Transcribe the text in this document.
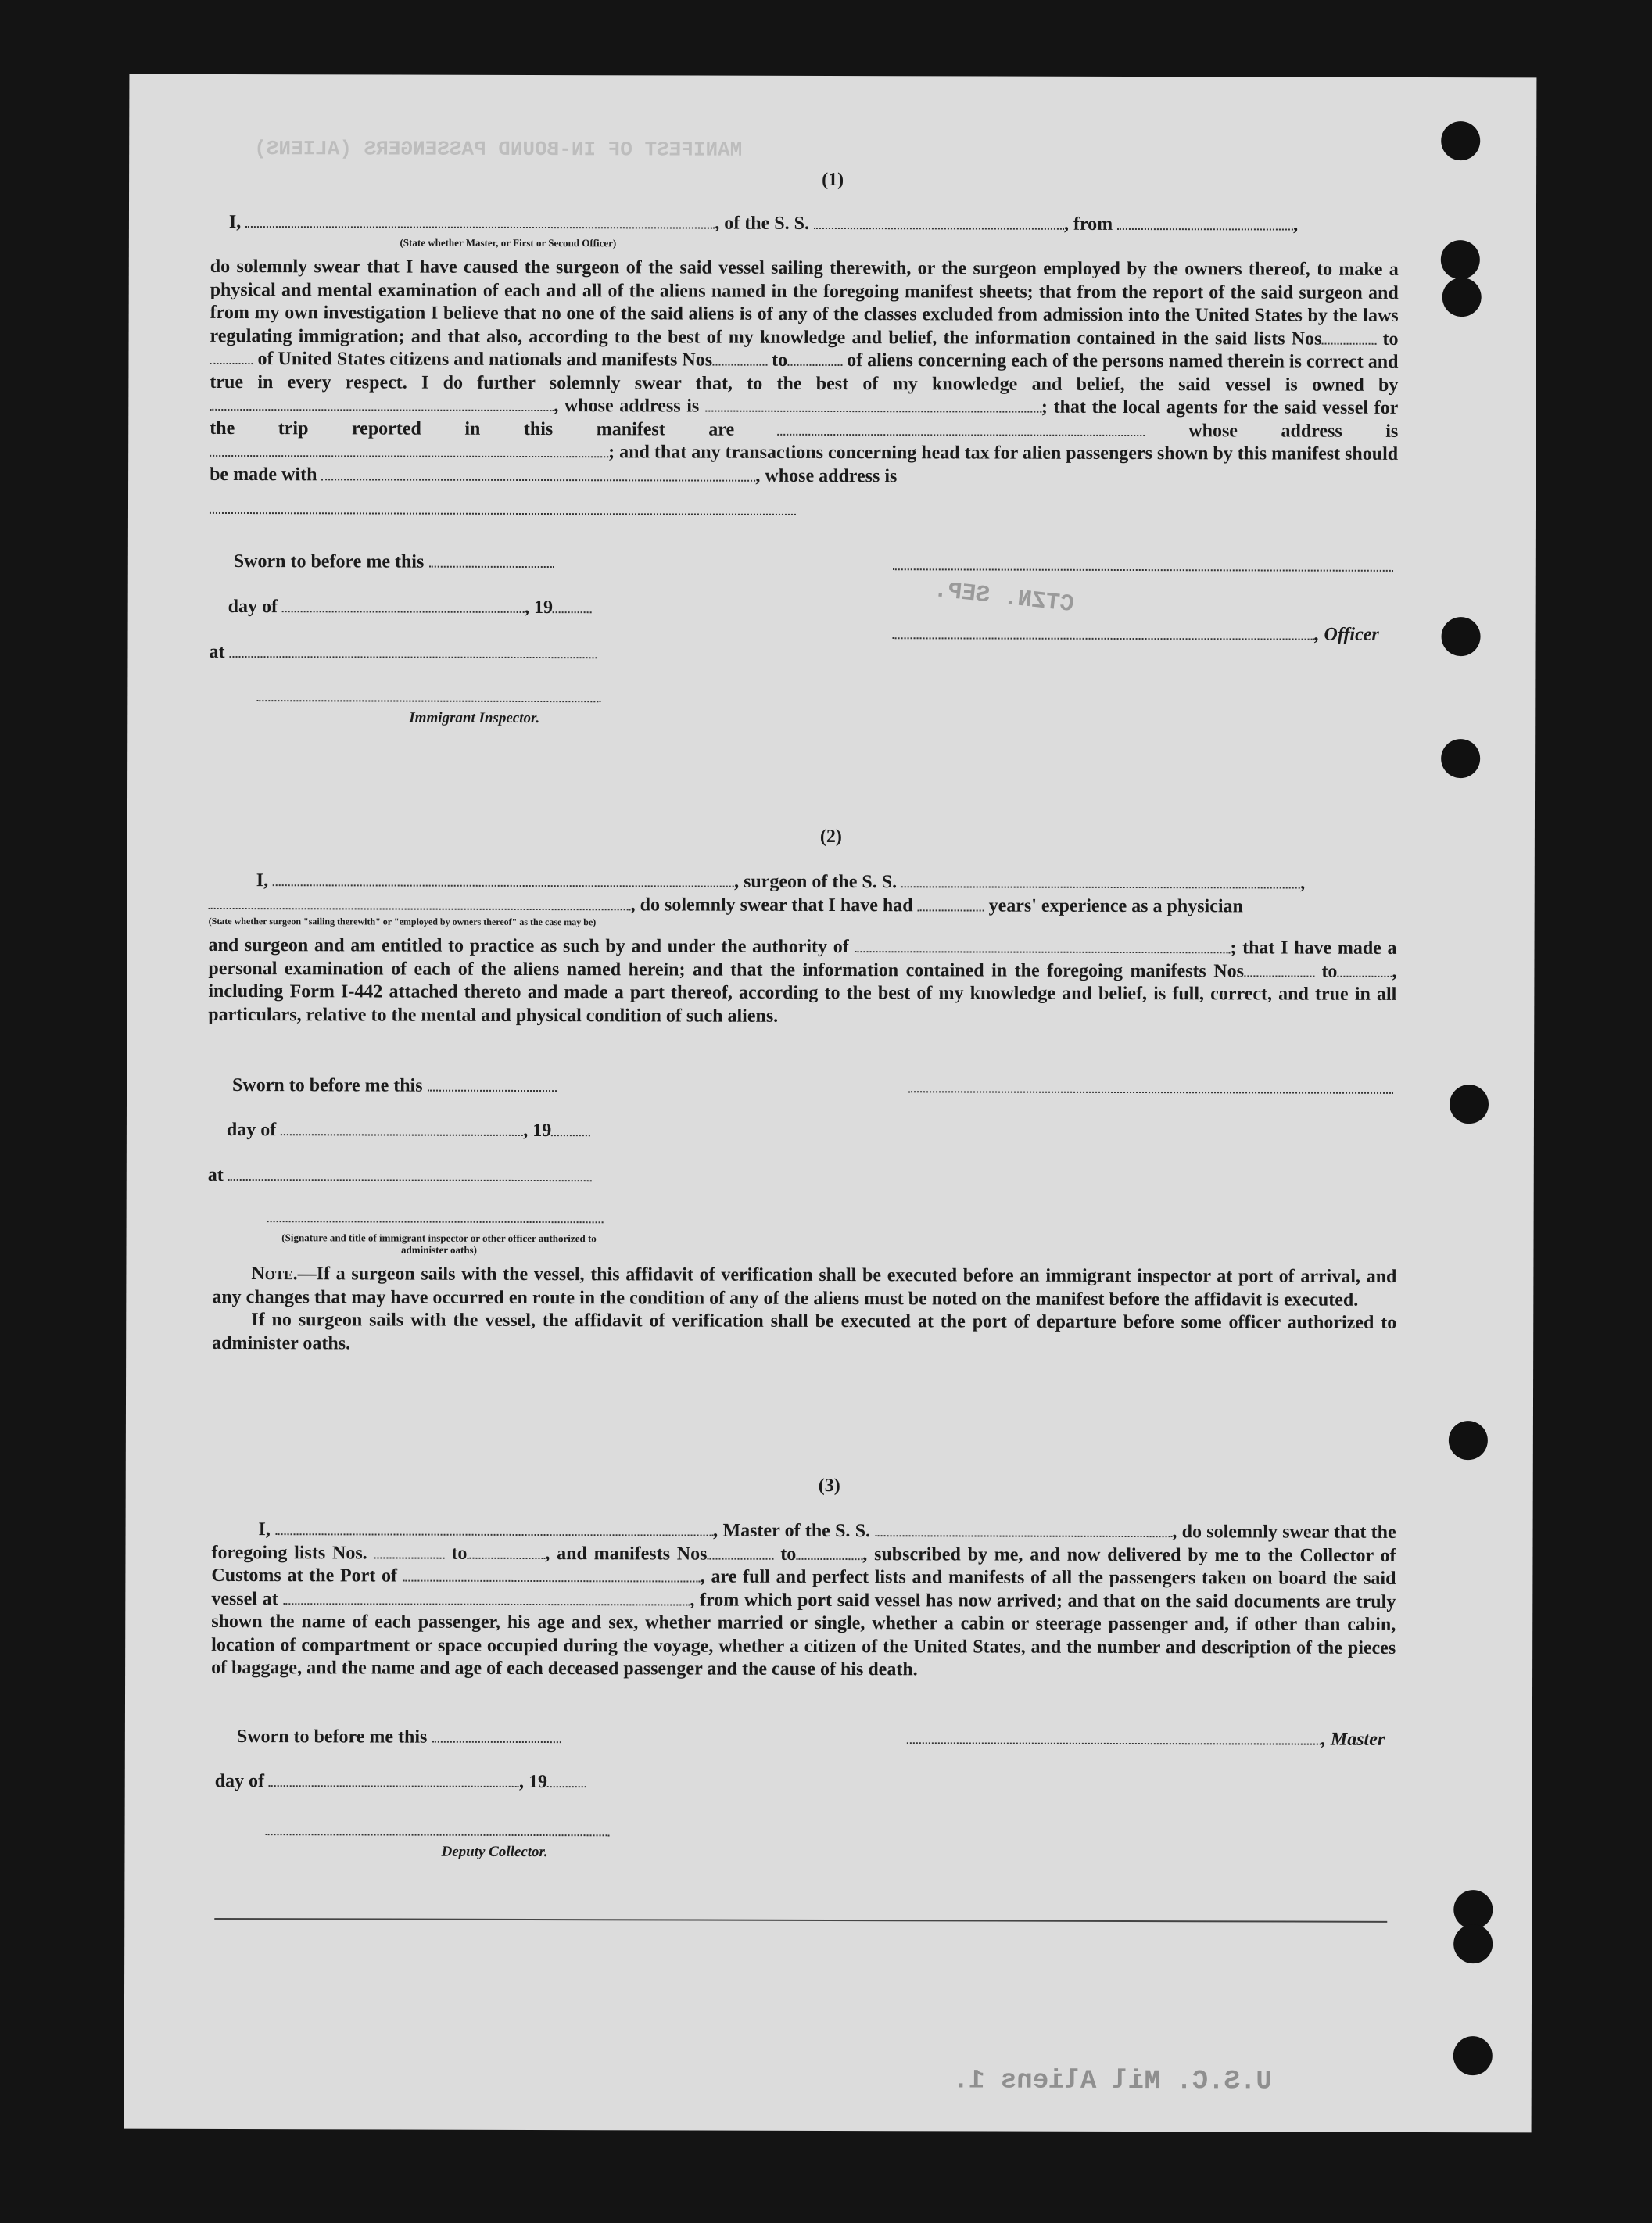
MANIFEST OF IN-BOUND PASSENGERS (ALIENS)
(1)
I,	, of the S. S.	, from	,
(State whether Master, or First or Second Officer)

do solemnly swear that I have caused the surgeon of the said vessel sailing therewith, or the surgeon employed by the owners thereof, to make a physical and mental examination of each and all of the aliens named in the foregoing manifest sheets; that from the report of the said surgeon and from my own investigation I believe that no one of the said aliens is of any of the classes excluded from admission into the United States by the laws regulating immigration; and that also, according to the best of my knowledge and belief, the information contained in the said lists Nos	to of United States citizens and nationals and manifests Nos	to	of aliens concerning each of the persons named therein is correct and true in every respect. I do further solemnly swear that, to the best of my knowledge and belief, the said vessel is owned by , whose address is	; that the local agents for the said vessel for the trip reported in this manifest are	whose address is ; and that any transactions concerning head tax for alien passengers shown by this manifest should be made with	, whose address is

Sworn to before me this
day of	, 19
at
Immigrant Inspector.
CTZN. SEP.
, Officer
(2)
I,	, surgeon of the S. S.	,
, do solemnly swear that I have had	years' experience as a physician
(State whether surgeon "sailing therewith" or "employed by owners thereof" as the case may be)

and surgeon and am entitled to practice as such by and under the authority of	; that I have made a personal examination of each of the aliens named herein; and that the information contained in the foregoing manifests Nos	to	, including Form I-442 attached thereto and made a part thereof, according to the best of my knowledge and belief, is full, correct, and true in all particulars, relative to the mental and physical condition of such aliens.

Sworn to before me this
day of	, 19
at
(Signature and title of immigrant inspector or other officer authorized to administer oaths)

Note.—If a surgeon sails with the vessel, this affidavit of verification shall be executed before an immigrant inspector at port of arrival, and any changes that may have occurred en route in the condition of any of the aliens must be noted on the manifest before the affidavit is executed.

If no surgeon sails with the vessel, the affidavit of verification shall be executed at the port of departure before some officer authorized to administer oaths.

(3)

I,	, Master of the S. S.	, do solemnly swear that the foregoing lists Nos.	to	, and manifests Nos	to	, subscribed by me, and now delivered by me to the Collector of Customs at the Port of	, are full and perfect lists and manifests of all the passengers taken on board the said vessel at	, from which port said vessel has now arrived; and that on the said documents are truly shown the name of each passenger, his age and sex, whether married or single, whether a cabin or steerage passenger and, if other than cabin, location of compartment or space occupied during the voyage, whether a citizen of the United States, and the number and description of the pieces of baggage, and the name and age of each deceased passenger and the cause of his death.

Sworn to before me this	, Master
day of	, 19
Deputy Collector.
U.S.C. Mil Aliens 1.
